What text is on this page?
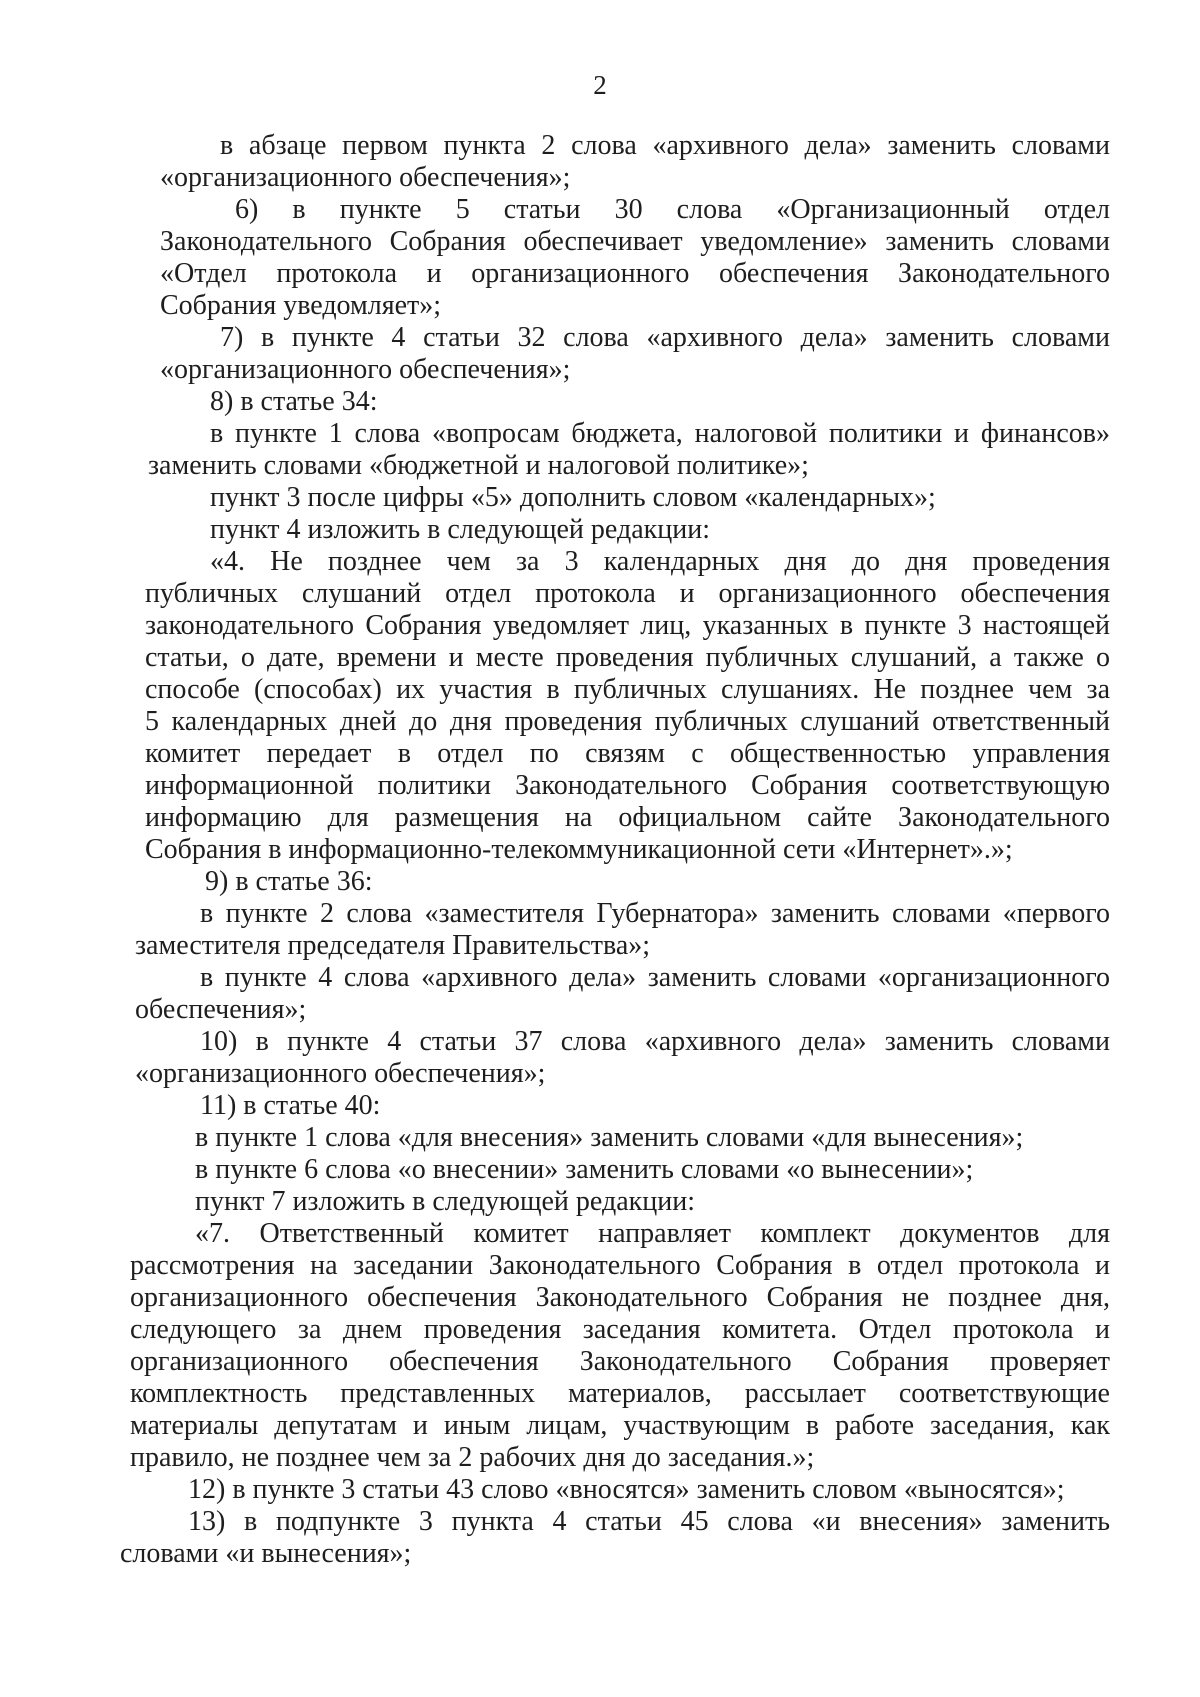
2
в абзаце первом пункта 2 слова «архивного дела» заменить словами
«организационного обеспечения»;
6) в пункте 5 статьи 30 слова «Организационный отдел
Законодательного Собрания обеспечивает уведомление» заменить словами
«Отдел протокола и организационного обеспечения Законодательного
Собрания уведомляет»;
7) в пункте 4 статьи 32 слова «архивного дела» заменить словами
«организационного обеспечения»;
8) в статье 34:
в пункте 1 слова «вопросам бюджета, налоговой политики и финансов»
заменить словами «бюджетной и налоговой политике»;
пункт 3 после цифры «5» дополнить словом «календарных»;
пункт 4 изложить в следующей редакции:
«4. Не позднее чем за 3 календарных дня до дня проведения
публичных слушаний отдел протокола и организационного обеспечения
законодательного Собрания уведомляет лиц, указанных в пункте 3 настоящей
статьи, о дате, времени и месте проведения публичных слушаний, а также о
способе (способах) их участия в публичных слушаниях. Не позднее чем за
5 календарных дней до дня проведения публичных слушаний ответственный
комитет передает в отдел по связям с общественностью управления
информационной политики Законодательного Собрания соответствующую
информацию для размещения на официальном сайте Законодательного
Собрания в информационно-телекоммуникационной сети «Интернет».»;
9) в статье 36:
в пункте 2 слова «заместителя Губернатора» заменить словами «первого
заместителя председателя Правительства»;
в пункте 4 слова «архивного дела» заменить словами «организационного
обеспечения»;
10) в пункте 4 статьи 37 слова «архивного дела» заменить словами
«организационного обеспечения»;
11) в статье 40:
в пункте 1 слова «для внесения» заменить словами «для вынесения»;
в пункте 6 слова «о внесении» заменить словами «о вынесении»;
пункт 7 изложить в следующей редакции:
«7. Ответственный комитет направляет комплект документов для
рассмотрения на заседании Законодательного Собрания в отдел протокола и
организационного обеспечения Законодательного Собрания не позднее дня,
следующего за днем проведения заседания комитета. Отдел протокола и
организационного обеспечения Законодательного Собрания проверяет
комплектность представленных материалов, рассылает соответствующие
материалы депутатам и иным лицам, участвующим в работе заседания, как
правило, не позднее чем за 2 рабочих дня до заседания.»;
12) в пункте 3 статьи 43 слово «вносятся» заменить словом «выносятся»;
13) в подпункте 3 пункта 4 статьи 45 слова «и внесения» заменить
словами «и вынесения»;
